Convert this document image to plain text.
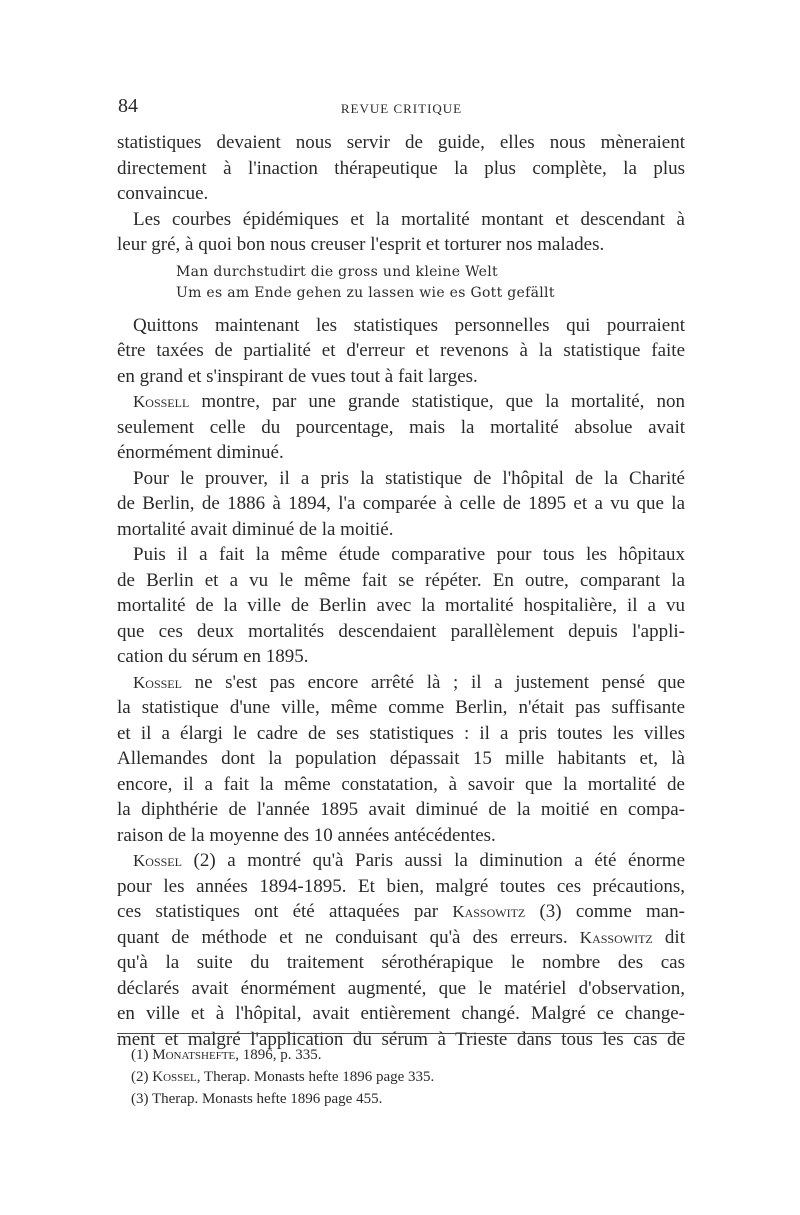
84	REVUE CRITIQUE
statistiques devaient nous servir de guide, elles nous mèneraient
directement à l'inaction thérapeutique la plus complète, la plus
convaincue.
Les courbes épidémiques et la mortalité montant et descendant à
leur gré, à quoi bon nous creuser l'esprit et torturer nos malades.
Man durchstudirt die gross und kleine Welt
Um es am Ende gehen zu lassen wie es Gott gefällt
Quittons maintenant les statistiques personnelles qui pourraient
être taxées de partialité et d'erreur et revenons à la statistique faite
en grand et s'inspirant de vues tout à fait larges.
Kossell montre, par une grande statistique, que la mortalité, non
seulement celle du pourcentage, mais la mortalité absolue avait
énormément diminué.
Pour le prouver, il a pris la statistique de l'hôpital de la Charité
de Berlin, de 1886 à 1894, l'a comparée à celle de 1895 et a vu que la
mortalité avait diminué de la moitié.
Puis il a fait la même étude comparative pour tous les hôpitaux
de Berlin et a vu le même fait se répéter. En outre, comparant la
mortalité de la ville de Berlin avec la mortalité hospitalière, il a vu
que ces deux mortalités descendaient parallèlement depuis l'appli-
cation du sérum en 1895.
Kossel ne s'est pas encore arrêté là ; il a justement pensé que
la statistique d'une ville, même comme Berlin, n'était pas suffisante
et il a élargi le cadre de ses statistiques : il a pris toutes les villes
Allemandes dont la population dépassait 15 mille habitants et, là
encore, il a fait la même constatation, à savoir que la mortalité de
la diphthérie de l'année 1895 avait diminué de la moitié en compa-
raison de la moyenne des 10 années antécédentes.
Kossel (2) a montré qu'à Paris aussi la diminution a été énorme
pour les années 1894-1895. Et bien, malgré toutes ces précautions,
ces statistiques ont été attaquées par Kassowitz (3) comme man-
quant de méthode et ne conduisant qu'à des erreurs. Kassowitz dit
qu'à la suite du traitement sérothérapique le nombre des cas
déclarés avait énormément augmenté, que le matériel d'observation,
en ville et à l'hôpital, avait entièrement changé. Malgré ce change-
ment et malgré l'application du sérum à Trieste dans tous les cas de
(1) Monatshefte, 1896, p. 335.
(2) Kossel, Therap. Monasts hefte 1896 page 335.
(3) Therap. Monasts hefte 1896 page 455.
